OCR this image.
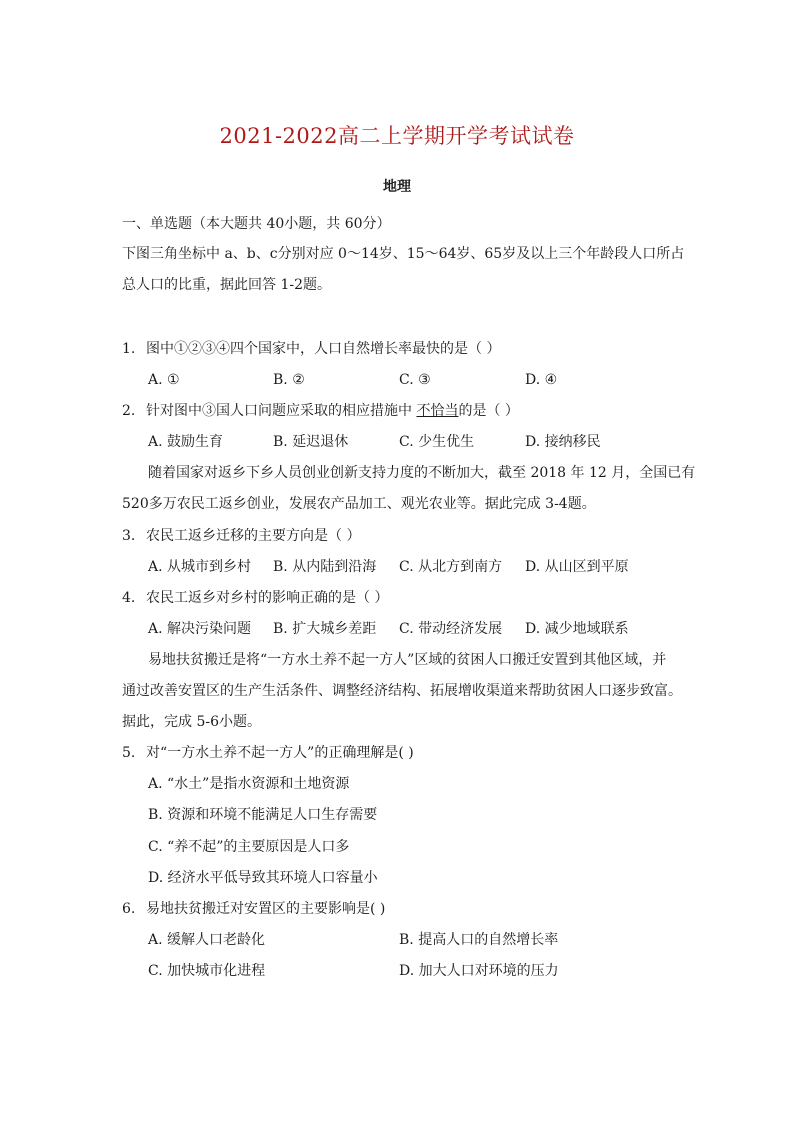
2021-2022高二上学期开学考试试卷
地理
一、单选题（本大题共 40小题，共 60分）
下图三角坐标中 a、b、c分别对应 0～14岁、15～64岁、65岁及以上三个年龄段人口所占
总人口的比重，据此回答 1-2题。
1. 图中①②③④四个国家中，人口自然增长率最快的是（ ）
A. ①	B. ②	C. ③	D. ④
2. 针对图中③国人口问题应采取的相应措施中 不恰当的是（ ）
A. 鼓励生育	B. 延迟退休	C. 少生优生	D. 接纳移民
随着国家对返乡下乡人员创业创新支持力度的不断加大，截至 2018 年 12 月，全国已有
520多万农民工返乡创业，发展农产品加工、观光农业等。据此完成 3-4题。
3. 农民工返乡迁移的主要方向是（ ）
A. 从城市到乡村 B. 从内陆到沿海 C. 从北方到南方 D. 从山区到平原
4. 农民工返乡对乡村的影响正确的是（ ）
A. 解决污染问题 B. 扩大城乡差距 C. 带动经济发展 D. 减少地域联系
易地扶贫搬迁是将“一方水土养不起一方人”区域的贫困人口搬迁安置到其他区域，并
通过改善安置区的生产生活条件、调整经济结构、拓展增收渠道来帮助贫困人口逐步致富。
据此，完成 5-6小题。
5. 对“一方水土养不起一方人”的正确理解是( )
A. “水土”是指水资源和土地资源
B. 资源和环境不能满足人口生存需要
C. “养不起”的主要原因是人口多
D. 经济水平低导致其环境人口容量小
6. 易地扶贫搬迁对安置区的主要影响是( )
A. 缓解人口老龄化	B. 提高人口的自然增长率
C. 加快城市化进程	D. 加大人口对环境的压力
